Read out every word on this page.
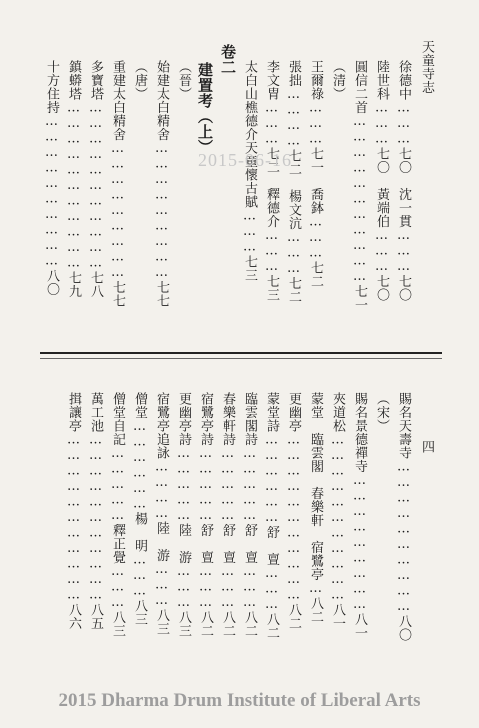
天童寺志
四
徐德中………七〇　沈一貫………七〇
陸世科………七〇　黃端伯………七〇
圓信二首……………………………七一
（清）
王爾祿………七一　喬鉢………七二
張拙…………七二　楊文沆………七二
李文胄………七二　釋德介………七三
太白山樵德介天童懷古賦………七三
卷二
建置考（上）
（晉）
始建太白精舍………………………七七
（唐）
重建太白精舍………………………七七
多寶塔……………………………七八
鎮蟒塔……………………………七九
十方住持…………………………八〇	2015-06-16
賜名天壽寺…………………………八〇
（宋）
賜名景德禪寺………………………八一
夾道松……………………………八一
蒙堂　臨雲閣　春樂軒　宿鷺亭…八二
更幽亭……………………………八二
蒙堂詩………………舒　亶………八二
臨雲閣詩……………舒　亶………八二
春樂軒詩……………舒　亶………八二
宿鷺亭詩……………舒　亶………八二
更幽亭詩……………陸　游………八三
宿鷺亭追詠…………陸　游………八三
僧堂………………楊　明………八三
僧堂自記……………釋正覺………八三
萬工池……………………………八五
揖讓亭……………………………八六
2015 Dharma Drum Institute of Liberal Arts
